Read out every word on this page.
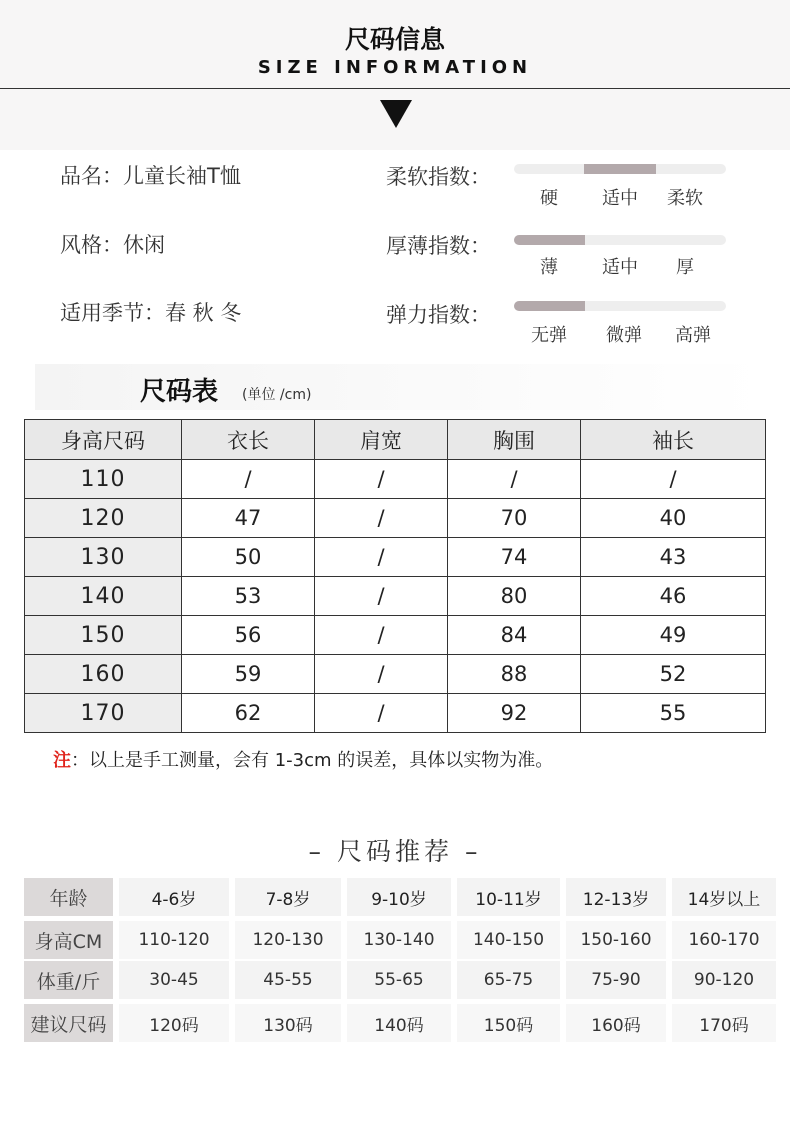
尺码信息
SIZE INFORMATION
品名：儿童长袖T恤
风格：休闲
适用季节：春 秋 冬
柔软指数：
硬	适中	柔软
厚薄指数：
薄	适中	厚
弹力指数：
无弹	微弹	高弹
尺码表 (单位 /cm)
身高尺码	衣长	肩宽	胸围	袖长
110	/	/	/	/
120	47	/	70	40
130	50	/	74	43
140	53	/	80	46
150	56	/	84	49
160	59	/	88	52
170	62	/	92	55
注：以上是手工测量，会有 1-3cm 的误差，具体以实物为准。
– 尺码推荐 –
年龄	4-6岁	7-8岁	9-10岁	10-11岁	12-13岁	14岁以上
身高CM	110-120	120-130	130-140	140-150	150-160	160-170
体重/斤	30-45	45-55	55-65	65-75	75-90	90-120
建议尺码	120码	130码	140码	150码	160码	170码
